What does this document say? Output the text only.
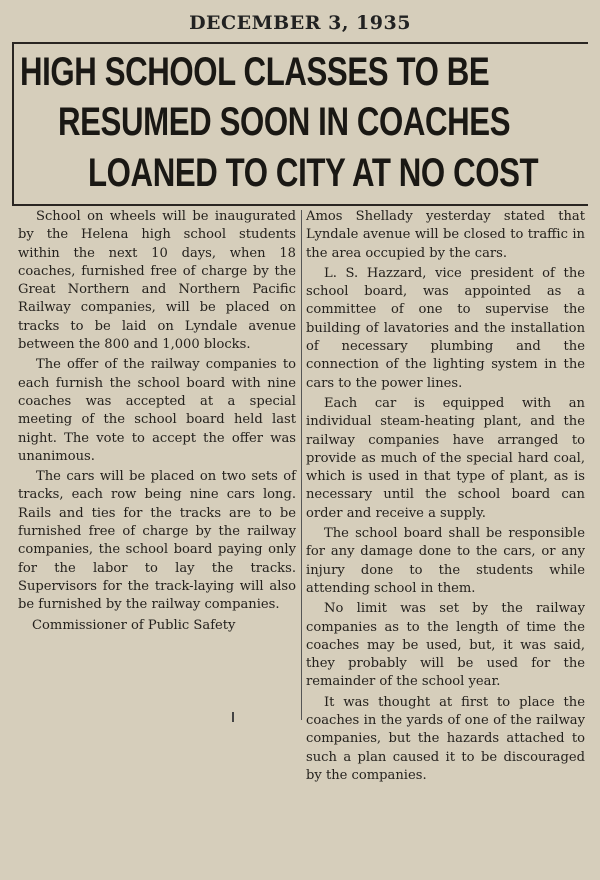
DECEMBER 3, 1935
HIGH SCHOOL CLASSES TO BE
RESUMED SOON IN COACHES
LOANED TO CITY AT NO COST

School on wheels will be inaugurated by the Helena high school students within the next 10 days, when 18 coaches, furnished free of charge by the Great Northern and Northern Pacific Railway companies, will be placed on tracks to be laid on Lyndale avenue between the 800 and 1,000 blocks.

The offer of the railway companies to each furnish the school board with nine coaches was accepted at a special meeting of the school board held last night. The vote to accept the offer was unanimous.

The cars will be placed on two sets of tracks, each row being nine cars long. Rails and ties for the tracks are to be furnished free of charge by the railway companies, the school board paying only for the labor to lay the tracks. Supervisors for the track-laying will also be furnished by the railway companies.

Commissioner of Public Safety

Amos Shellady yesterday stated that Lyndale avenue will be closed to traffic in the area occupied by the cars.

L. S. Hazzard, vice president of the school board, was appointed as a committee of one to supervise the building of lavatories and the installation of necessary plumbing and the connection of the lighting system in the cars to the power lines.

Each car is equipped with an individual steam-heating plant, and the railway companies have arranged to provide as much of the special hard coal, which is used in that type of plant, as is necessary until the school board can order and receive a supply.

The school board shall be responsible for any damage done to the cars, or any injury done to the students while attending school in them.

No limit was set by the railway companies as to the length of time the coaches may be used, but, it was said, they probably will be used for the remainder of the school year.

It was thought at first to place the coaches in the yards of one of the railway companies, but the hazards attached to such a plan caused it to be discouraged by the companies.
